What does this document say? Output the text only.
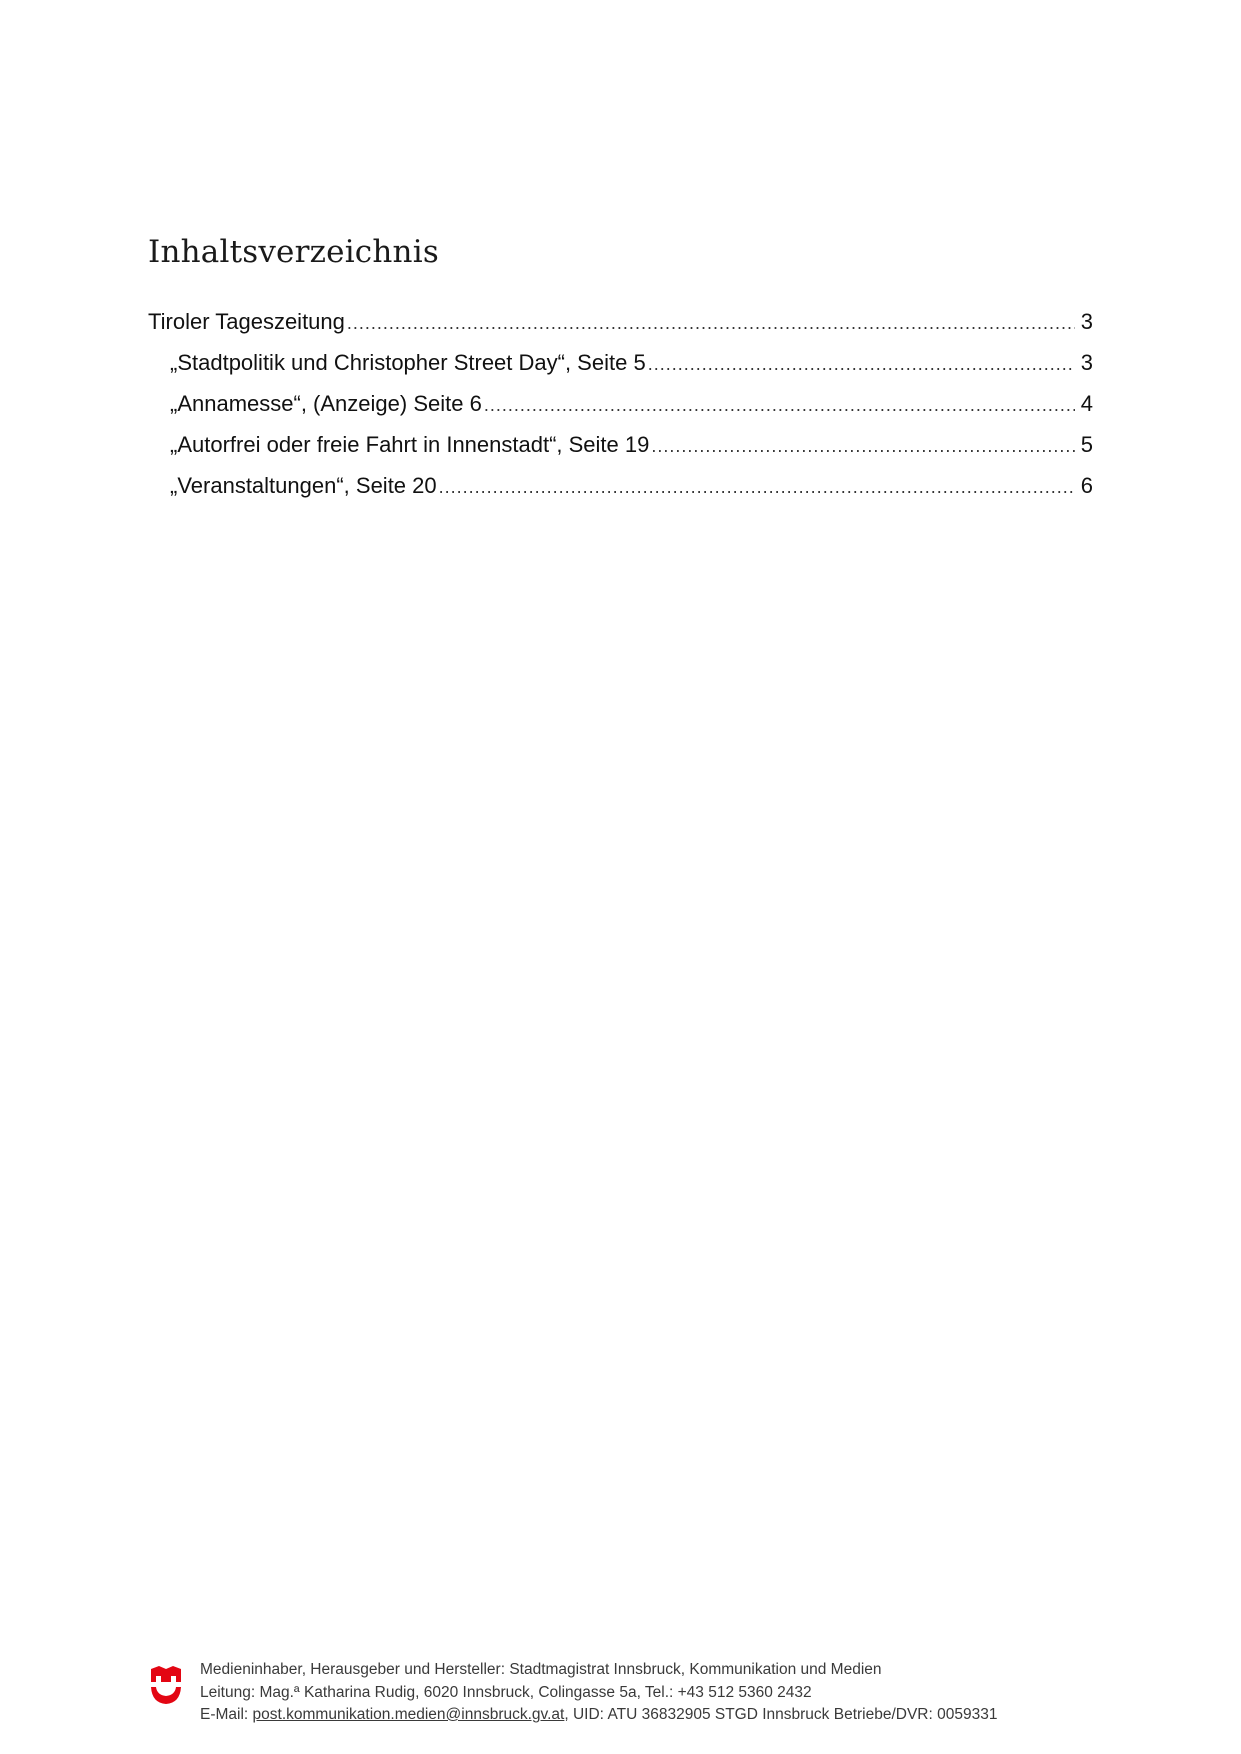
Inhaltsverzeichnis
Tiroler Tageszeitung .....	3
„Stadtpolitik und Christopher Street Day“, Seite 5 .....	3
„Annamesse“, (Anzeige) Seite 6 .....	4
„Autorfrei oder freie Fahrt in Innenstadt“, Seite 19 .....	5
„Veranstaltungen“, Seite 20 .....	6
Medieninhaber, Herausgeber und Hersteller: Stadtmagistrat Innsbruck, Kommunikation und Medien
Leitung: Mag.ª Katharina Rudig, 6020 Innsbruck, Colingasse 5a, Tel.: +43 512 5360 2432
E-Mail: post.kommunikation.medien@innsbruck.gv.at, UID: ATU 36832905 STGD Innsbruck Betriebe/DVR: 0059331
